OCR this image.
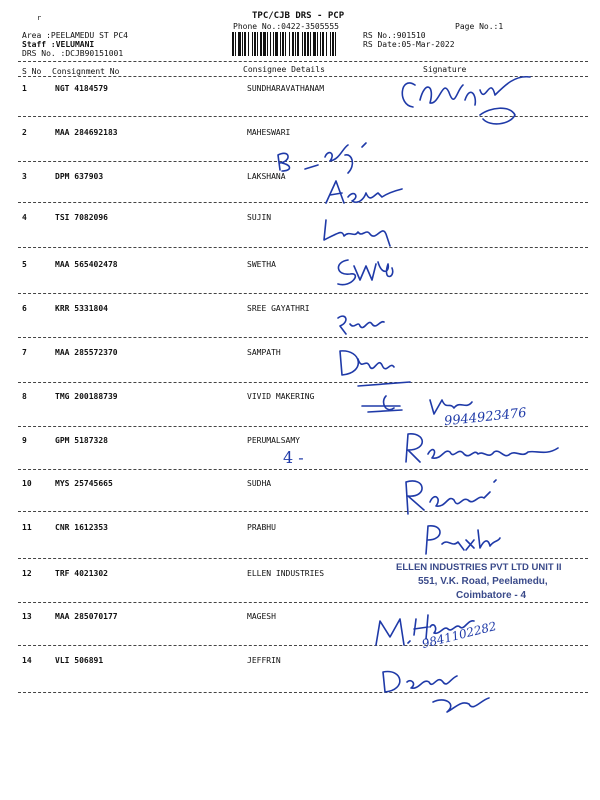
r	TPC/CJB DRS - PCP
Phone No.:0422-3505555	Page No.:1
Area :PEELAMEDU ST PC4
Staff :VELUMANI
DRS No. :DCJB90151001
RS No.:901510
RS Date:05-Mar-2022
S No Consignment No	Consignee Details	Signature
1	NGT 4184579	SUNDHARAVATHANAM
2	MAA 284692183	MAHESWARI
3	DPM 637903	LAKSHANA
4	TSI 7082096	SUJIN
5	MAA 565402478	SWETHA
6	KRR 5331804	SREE GAYATHRI
7	MAA 285572370	SAMPATH
8	TMG 200188739	VIVID MAKERING
9	GPM 5187328	PERUMALSAMY
10	MYS 25745665	SUDHA
11	CNR 1612353	PRABHU
12	TRF 4021302	ELLEN INDUSTRIES
13	MAA 285070177	MAGESH
14	VLI 506891	JEFFRIN
ELLEN INDUSTRIES PVT LTD UNIT II
551, V.K. Road, Peelamedu,
Coimbatore - 4
9944923476
9841102282
4 -
